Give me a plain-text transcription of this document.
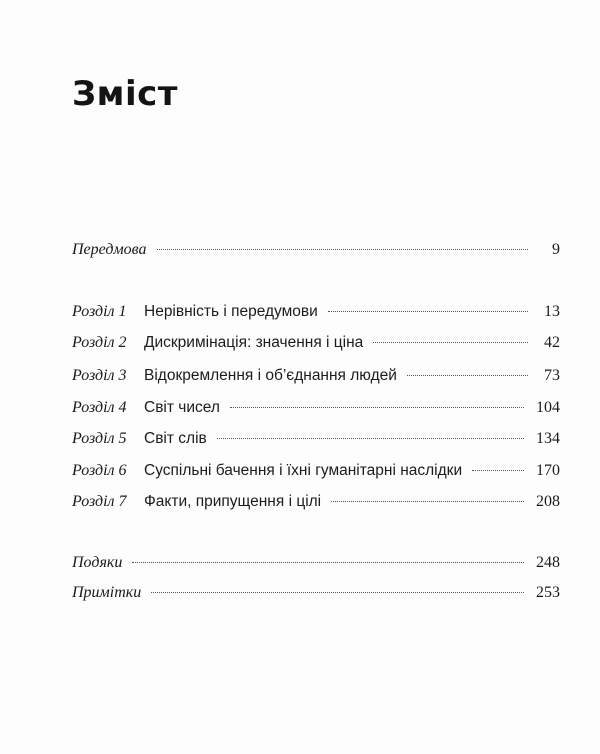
Зміст
Передмова	9
Розділ 1	Нерівність і передумови	13
Розділ 2	Дискримінація: значення і ціна	42
Розділ 3	Відокремлення і об’єднання людей	73
Розділ 4	Світ чисел	104
Розділ 5	Світ слів	134
Розділ 6	Суспільні бачення і їхні гуманітарні наслідки	170
Розділ 7	Факти, припущення і цілі	208
Подяки	248
Примітки	253
